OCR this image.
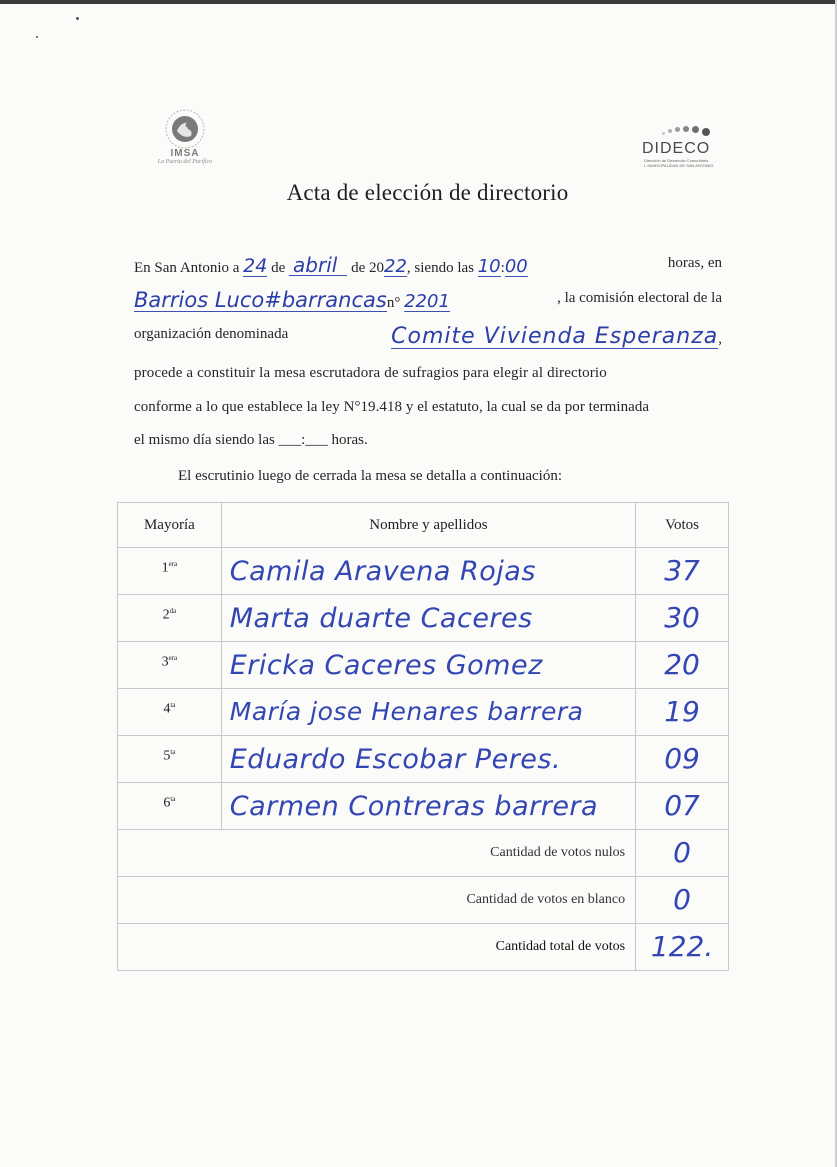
IMSA
La Puerta del Pacífico
DIDECO
Dirección de Desarrollo Comunitario
I. MUNICIPALIDAD DE SAN ANTONIO
Acta de elección de directorio
En San Antonio a 24 de abril de 2022, siendo las 10:00	horas, en
Barrios Luco#barrancasn° 2201	, la comisión electoral de la
organización denominada	Comite Vivienda Esperanza,
procede a constituir la mesa escrutadora de sufragios para elegir al directorio
conforme a lo que establece la ley N°19.418 y el estatuto, la cual se da por terminada
el mismo día siendo las ___:___ horas.
El escrutinio luego de cerrada la mesa se detalla a continuación:
Mayoría	Nombre y apellidos	Votos
$1^{era}$	Camila Aravena Rojas	37
$2^{da}$	Marta duarte Caceres	30
$3^{era}$	Ericka Caceres Gomez	20
$4^{ta}$	María jose Henares barrera	19
$5^{ta}$	Eduardo Escobar Peres.	09
$6^{ta}$	Carmen Contreras barrera	07
Cantidad de votos nulos		0
Cantidad de votos en blanco		0
Cantidad total de votos		122.
